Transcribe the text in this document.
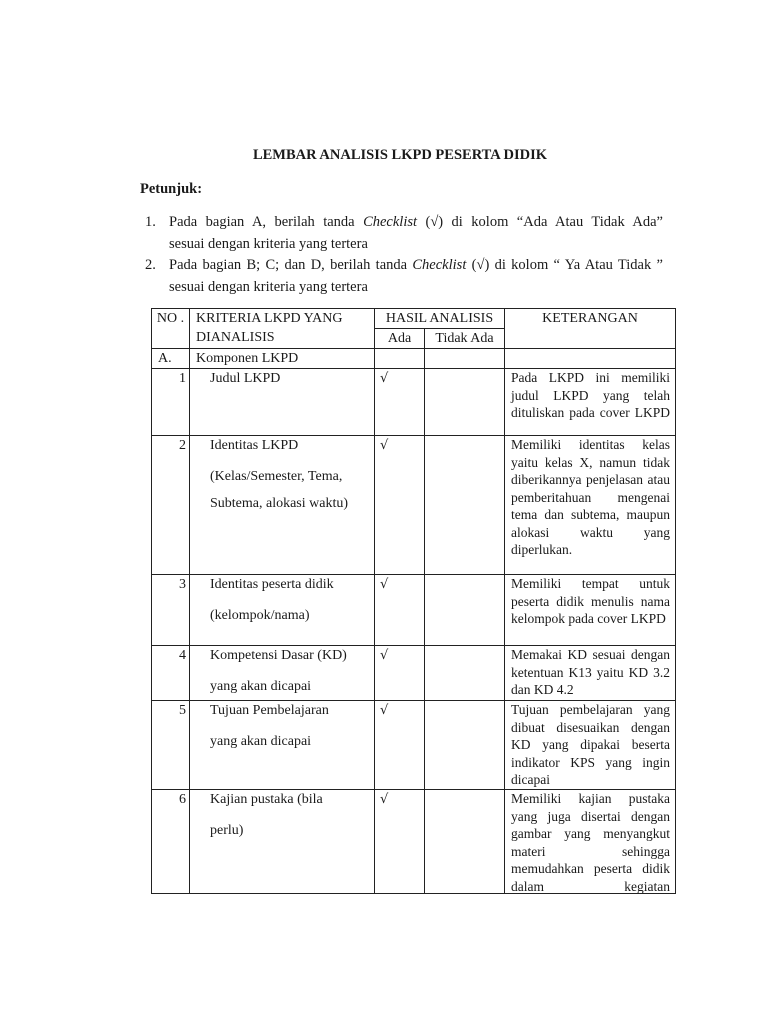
LEMBAR ANALISIS LKPD PESERTA DIDIK
Petunjuk:
1. Pada bagian A, berilah tanda Checklist (√) di kolom “Ada Atau Tidak Ada”
sesuai dengan kriteria yang tertera
2. Pada bagian B; C; dan D, berilah tanda Checklist (√) di kolom “ Ya Atau Tidak ”
sesuai dengan kriteria yang tertera
NO .	KRITERIA LKPD YANG DIANALISIS	HASIL ANALISIS		KETERANGAN
		Ada	Tidak Ada	
A.	Komponen LKPD			
1	Judul LKPD	√		Pada LKPD ini memiliki judul LKPD yang telah dituliskan pada cover LKPD
2	Identitas LKPD
(Kelas/Semester, Tema,
Subtema, alokasi waktu)	√		Memiliki identitas kelas yaitu kelas X, namun tidak diberikannya penjelasan atau pemberitahuan mengenai tema dan subtema, maupun alokasi waktu yang diperlukan.
3	Identitas peserta didik
(kelompok/nama)	√		Memiliki tempat untuk peserta didik menulis nama kelompok pada cover LKPD
4	Kompetensi Dasar (KD)
yang akan dicapai	√		Memakai KD sesuai dengan ketentuan K13 yaitu KD 3.2 dan KD 4.2
5	Tujuan Pembelajaran
yang akan dicapai	√		Tujuan pembelajaran yang dibuat disesuaikan dengan KD yang dipakai beserta indikator KPS yang ingin dicapai
6	Kajian pustaka (bila
perlu)	√		Memiliki kajian pustaka yang juga disertai dengan gambar yang menyangkut materi sehingga memudahkan peserta didik dalam kegiatan
